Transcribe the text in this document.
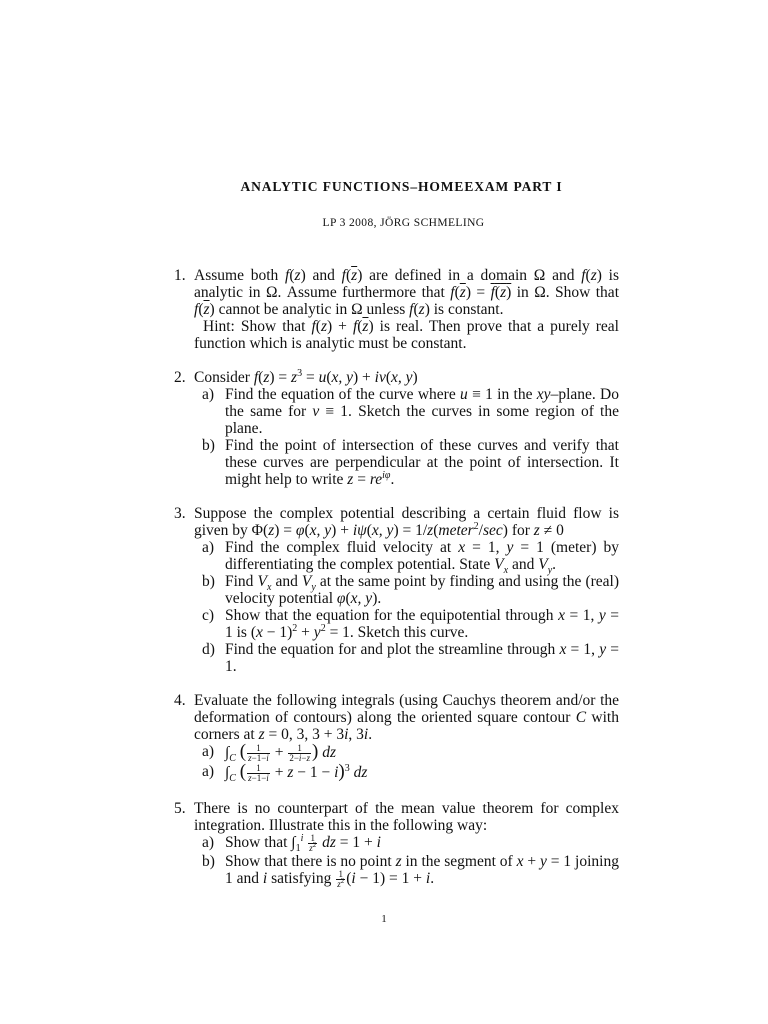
ANALYTIC FUNCTIONS–HOMEEXAM PART I
LP 3 2008, JÖRG SCHMELING
1. Assume both f(z) and $f(\overline{z})$ are defined in a domain Ω and f(z) is analytic in Ω. Assume furthermore that $f(\overline{z}) = f(z)$ in Ω. Show that $f(\overline{z})$ cannot be analytic in Ω unless f(z) is constant.

Hint: Show that $f(z) + f(\overline{z})$ is real. Then prove that a purely real function which is analytic must be constant.

2. Consider $f(z) = z^3 = u(x$, y) + iv(x, y)

a) Find the equation of the curve where u ≡ 1 in the xy–plane. Do the same for v ≡ 1. Sketch the curves in some region of the plane.

b) Find the point of intersection of these curves and verify that these curves are perpendicular at the point of intersection. It might help to write $z = re^{i\varphi}$.

3. Suppose the complex potential describing a certain fluid flow is given by Φ(z) = φ(x, y) + iψ(x, y) = 1/z(meter$^2$/sec) for z ≠ 0

a) Find the complex fluid velocity at x = 1, y = 1 (meter) by differentiating the complex potential. State $V_x$ and $V_y$.

b) Find $V_x$ and $V_y$ at the same point by finding and using the (real) velocity potential φ(x, y).

c) Show that the equation for the equipotential through x = 1, y = 1 is $(x - 1)^2 + y^2 = 1$. Sketch this curve.

d) Find the equation for and plot the streamline through x = 1, y = 1.

4. Evaluate the following integrals (using Cauchys theorem and/or the deformation of contours) along the oriented square contour C with corners at z = 0, 3, 3 + 3i, 3i.

a) $\int_C$ ( $\frac{1}{z-1-i} + \frac{1}{2-i-z}$ ) dz

a) $\int_C$ ( $\frac{1}{z-1-i} + z - 1 - i)^3$ dz

5. There is no counterpart of the mean value theorem for complex integration. Illustrate this in the following way:

a) Show that $\int_1^i \frac{1}{z^2}$ dz = 1 + i

b) Show that there is no point z in the segment of x + y = 1 joining 1 and i satisfying $\frac{1}{z^2} (i - 1) = 1 + i$.

1
